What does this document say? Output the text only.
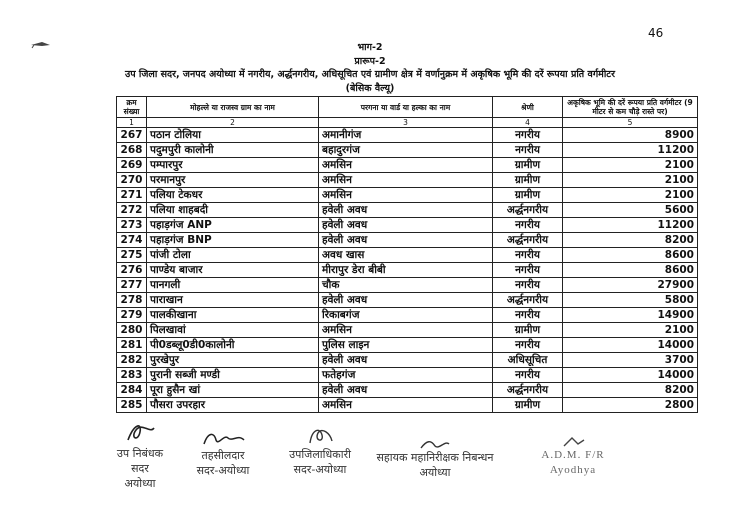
46
भाग-2
प्रारूप-2
उप जिला सदर, जनपद अयोध्या में नगरीय, अर्द्धनगरीय, अधिसूचित एवं ग्रामीण क्षेत्र में वर्णानुक्रम में अकृषिक भूमि की दरें रूपया प्रति वर्गमीटर
(बेसिक वैल्यू)
क्रम संख्या	मोहल्ले या राजस्व ग्राम का नाम	परगना या वार्ड या हल्का का नाम	श्रेणी	अकृषिक भूमि की दरें रूपया प्रति वर्गमीटर (9 मीटर से कम चौड़े रास्ते पर)
1	2	3	4	5
267	पठान टोलिया	अमानीगंज	नगरीय	8900
268	पदुमपुरी कालोनी	बहादुरगंज	नगरीय	11200
269	पम्पारपुर	अमसिन	ग्रामीण	2100
270	परमानपुर	अमसिन	ग्रामीण	2100
271	पलिया टेकधर	अमसिन	ग्रामीण	2100
272	पलिया शाहबदी	हवेली अवध	अर्द्धनगरीय	5600
273	पहाड़गंज ANP	हवेली अवध	नगरीय	11200
274	पहाड़गंज BNP	हवेली अवध	अर्द्धनगरीय	8200
275	पांजी टोला	अवध खास	नगरीय	8600
276	पाण्डेय बाजार	मीरापुर डेरा बीबी	नगरीय	8600
277	पानगली	चौक	नगरीय	27900
278	पाराखान	हवेली अवध	अर्द्धनगरीय	5800
279	पालकीखाना	रिकाबगंज	नगरीय	14900
280	पिलखावां	अमसिन	ग्रामीण	2100
281	पी0डब्लू0डी0कालोनी	पुलिस लाइन	नगरीय	14000
282	पुरखेपुर	हवेली अवध	अधिसूचित	3700
283	पुरानी सब्जी मण्डी	फतेहगंज	नगरीय	14000
284	पूरा हुसैन खां	हवेली अवध	अर्द्धनगरीय	8200
285	पौसरा उपरहार	अमसिन	ग्रामीण	2800
उप निबंधक
सदर
अयोध्या
तहसीलदार
सदर-अयोध्या
उपजिलाधिकारी
सदर-अयोध्या
सहायक महानिरीक्षक निबन्धन
अयोध्या
A.D.M. F/R
Ayodhya
